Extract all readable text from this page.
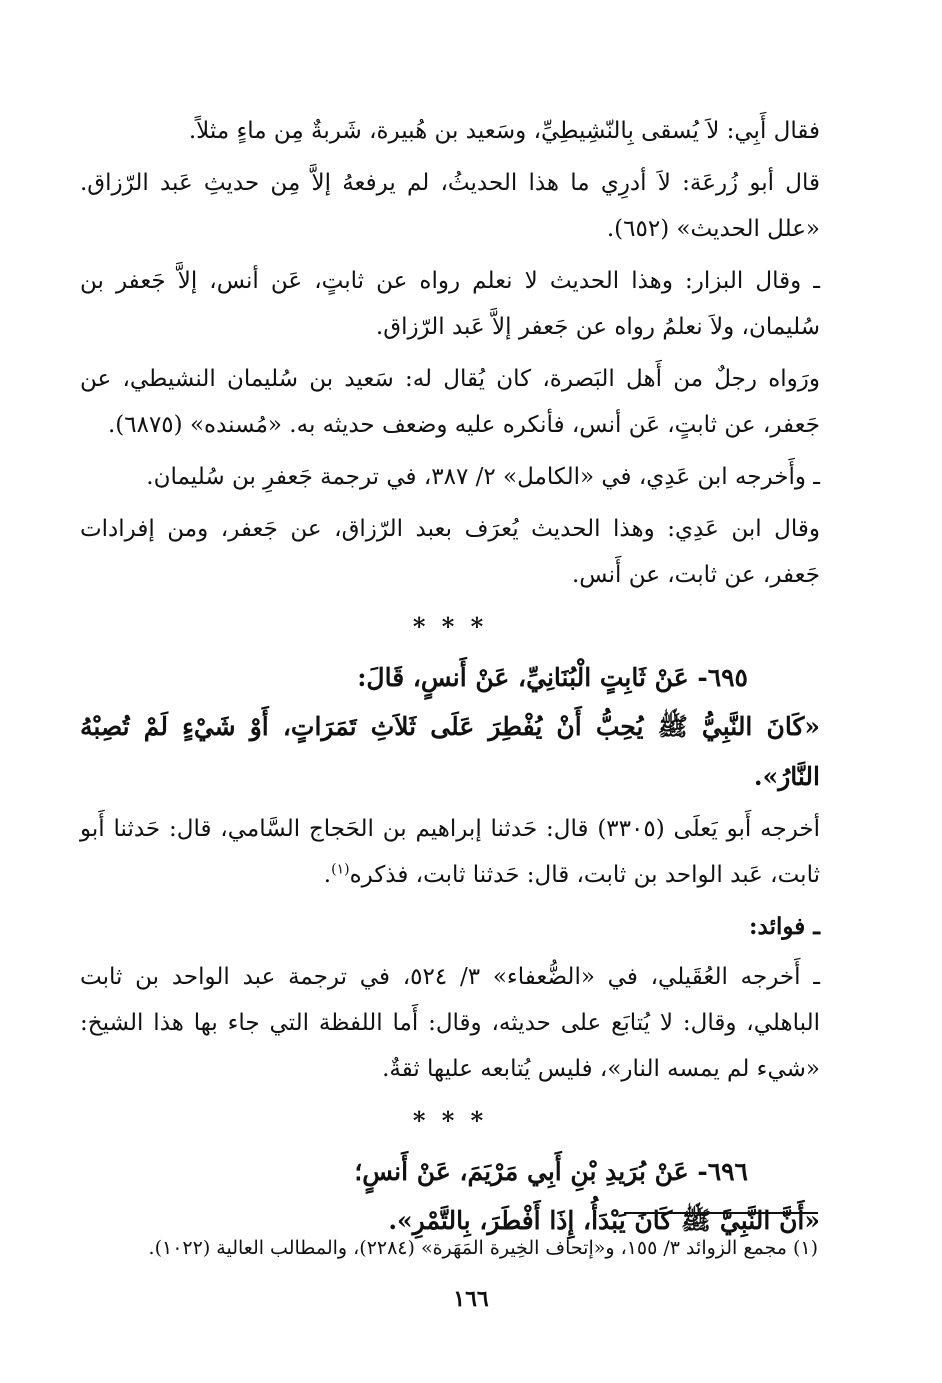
فقال أَبِي: لاَ يُسقى بِالنّشِيطِيِّ، وسَعيد بن هُبيرة، شَربةٌ مِن ماءٍ مثلاً.

قال أبو زُرعَة: لاَ أدرِي ما هذا الحديثُ، لم يرفعهُ إلاَّ مِن حديثِ عَبد الرّزاق. «علل الحديث» (٦٥٢).

ـ وقال البزار: وهذا الحديث لا نعلم رواه عن ثابتٍ، عَن أنس، إلاَّ جَعفر بن سُليمان، ولاَ نعلمُ رواه عن جَعفر إلاَّ عَبد الرّزاق.

ورَواه رجلٌ من أَهل البَصرة، كان يُقال له: سَعيد بن سُليمان النشيطي، عن جَعفر، عن ثابتٍ، عَن أنس، فأنكره عليه وضعف حديثه به. «مُسنده» (٦٨٧٥).

ـ وأَخرجه ابن عَدِي، في «الكامل» ٢/ ٣٨٧، في ترجمة جَعفرِ بن سُليمان.

وقال ابن عَدِي: وهذا الحديث يُعرَف بعبد الرّزاق، عن جَعفر، ومن إفرادات جَعفر، عن ثابت، عن أَنس.

* * *

٦٩٥- عَنْ ثَابِتٍ الْبُنَانِيِّ، عَنْ أَنسٍ، قَالَ:

«كَانَ النَّبِيُّ ﷺ يُحِبُّ أَنْ يُفْطِرَ عَلَى ثَلاَثِ تَمَرَاتٍ، أَوْ شَيْءٍ لَمْ تُصِبْهُ النَّارُ».

أخرجه أَبو يَعلَى (٣٣٠٥) قال: حَدثنا إبراهيم بن الحَجاج السَّامي، قال: حَدثنا أَبو ثابت، عَبد الواحد بن ثابت، قال: حَدثنا ثابت، فذكره$^{(١)}$.

ـ فوائد:

ـ أَخرجه العُقَيلي، في «الضُّعفاء» ٣/ ٥٢٤، في ترجمة عبد الواحد بن ثابت الباهلي، وقال: لا يُتابَع على حديثه، وقال: أَما اللفظة التي جاء بها هذا الشيخ: «شيء لم يمسه النار»، فليس يُتابعه عليها ثقةٌ.

* * *

٦٩٦- عَنْ بُرَيدِ بْنِ أَبِي مَرْيَمَ، عَنْ أَنسٍ؛

«أَنَّ النَّبِيَّ ﷺ كَانَ يَبْدَأُ، إِذَا أَفْطَرَ، بِالتَّمْرِ».

(١) مجمع الزوائد ٣/ ١٥٥، و«إتحاف الخِيرة المَهَرة» (٢٢٨٤)، والمطالب العالية (١٠٢٢).
١٦٦
